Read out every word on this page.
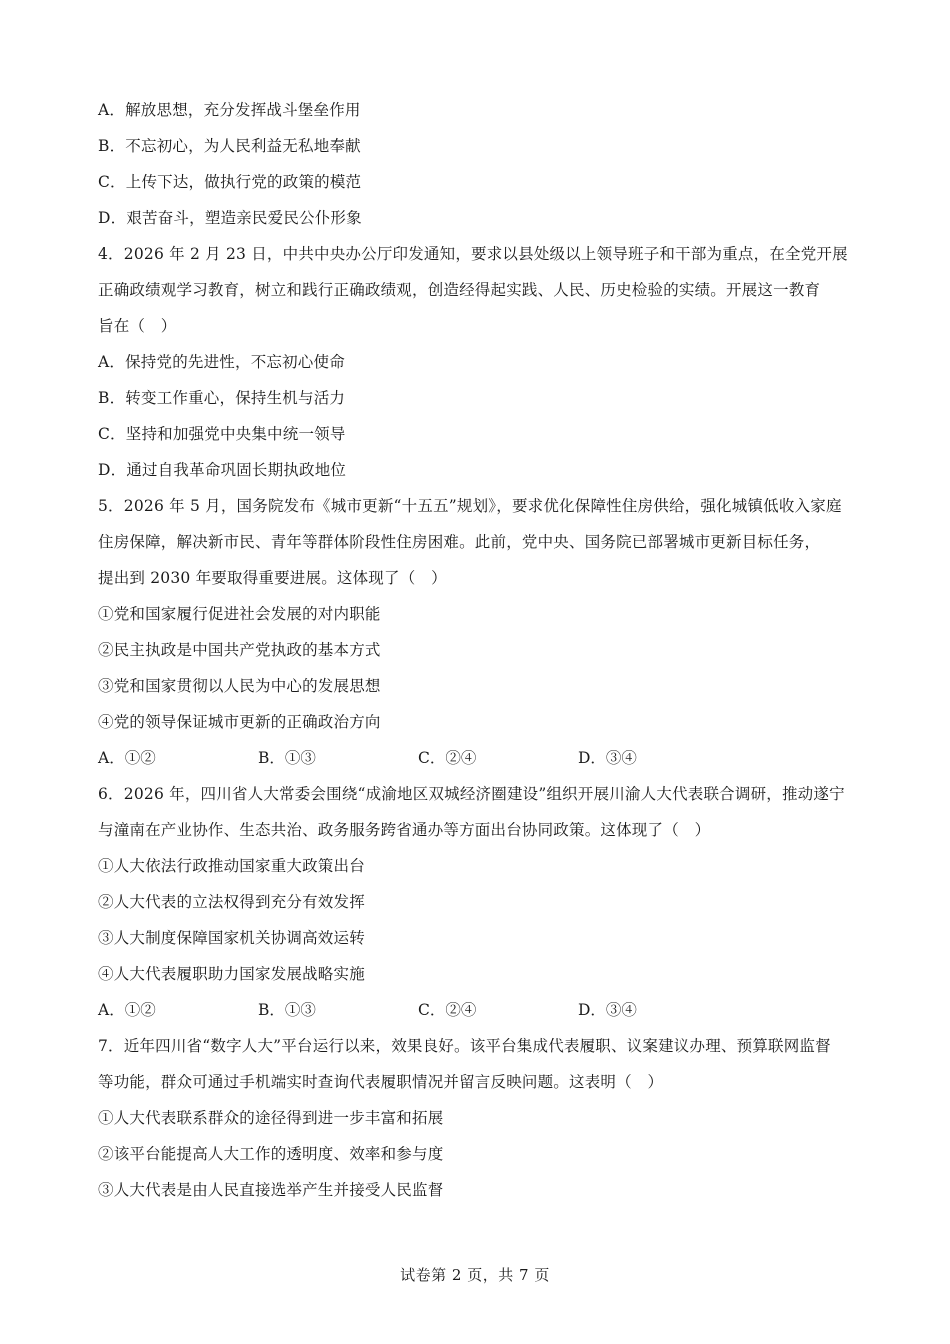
A．解放思想，充分发挥战斗堡垒作用
B．不忘初心，为人民利益无私地奉献
C．上传下达，做执行党的政策的模范
D．艰苦奋斗，塑造亲民爱民公仆形象
4．2026 年 2 月 23 日，中共中央办公厅印发通知，要求以县处级以上领导班子和干部为重点，在全党开展
正确政绩观学习教育，树立和践行正确政绩观，创造经得起实践、人民、历史检验的实绩。开展这一教育
旨在（　）
A．保持党的先进性，不忘初心使命
B．转变工作重心，保持生机与活力
C．坚持和加强党中央集中统一领导
D．通过自我革命巩固长期执政地位
5．2026 年 5 月，国务院发布《城市更新“十五五”规划》，要求优化保障性住房供给，强化城镇低收入家庭
住房保障，解决新市民、青年等群体阶段性住房困难。此前，党中央、国务院已部署城市更新目标任务，
提出到 2030 年要取得重要进展。这体现了（　）
①党和国家履行促进社会发展的对内职能
②民主执政是中国共产党执政的基本方式
③党和国家贯彻以人民为中心的发展思想
④党的领导保证城市更新的正确政治方向
A．①②	B．①③	C．②④	D．③④
6．2026 年，四川省人大常委会围绕“成渝地区双城经济圈建设”组织开展川渝人大代表联合调研，推动遂宁
与潼南在产业协作、生态共治、政务服务跨省通办等方面出台协同政策。这体现了（　）
①人大依法行政推动国家重大政策出台
②人大代表的立法权得到充分有效发挥
③人大制度保障国家机关协调高效运转
④人大代表履职助力国家发展战略实施
A．①②	B．①③	C．②④	D．③④
7．近年四川省“数字人大”平台运行以来，效果良好。该平台集成代表履职、议案建议办理、预算联网监督
等功能，群众可通过手机端实时查询代表履职情况并留言反映问题。这表明（　）
①人大代表联系群众的途径得到进一步丰富和拓展
②该平台能提高人大工作的透明度、效率和参与度
③人大代表是由人民直接选举产生并接受人民监督
试卷第 2 页，共 7 页
